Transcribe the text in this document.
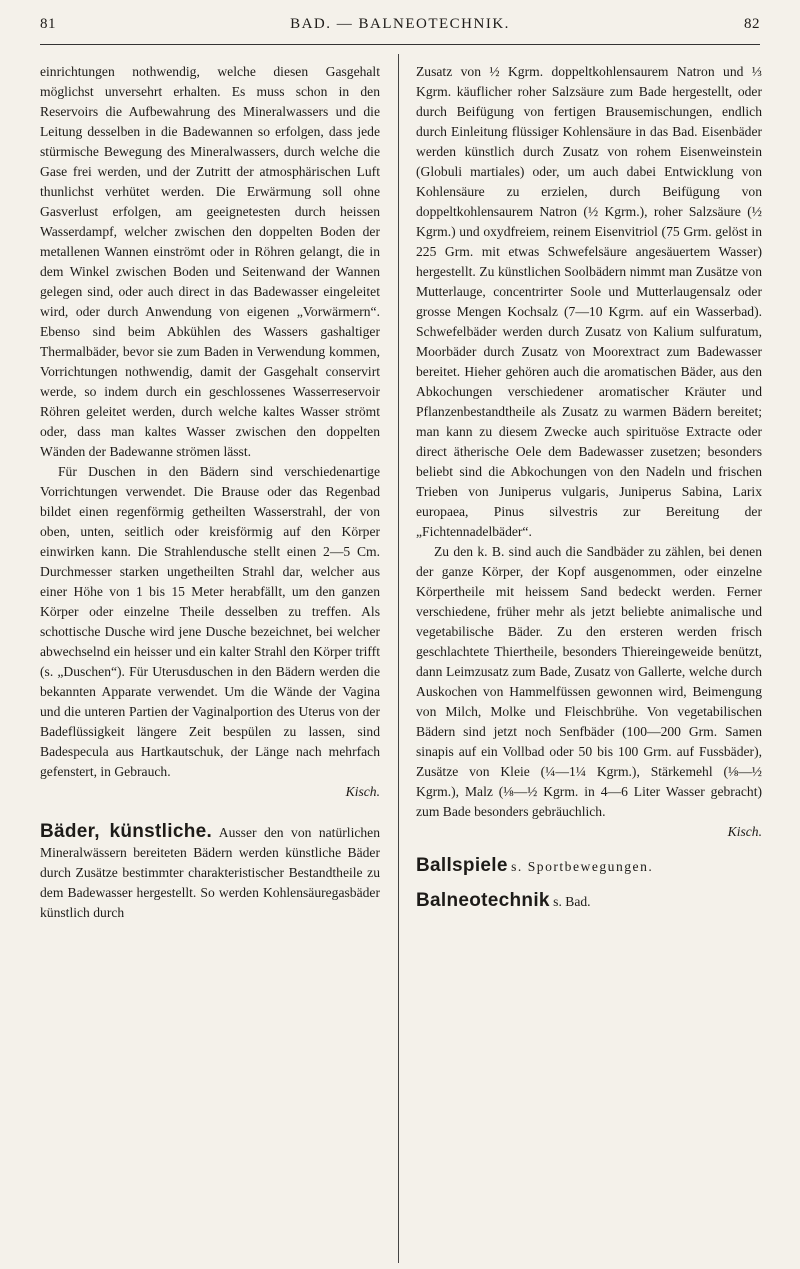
81	BAD. — BALNEOTECHNIK.	82

einrichtungen nothwendig, welche diesen Gasgehalt möglichst unversehrt erhalten. Es muss schon in den Reservoirs die Aufbewahrung des Mineralwassers und die Leitung desselben in die Badewannen so erfolgen, dass jede stürmische Bewegung des Mineralwassers, durch welche die Gase frei werden, und der Zutritt der atmosphärischen Luft thunlichst verhütet werden. Die Erwärmung soll ohne Gasverlust erfolgen, am geeignetesten durch heissen Wasserdampf, welcher zwischen den doppelten Boden der metallenen Wannen einströmt oder in Röhren gelangt, die in dem Winkel zwischen Boden und Seitenwand der Wannen gelegen sind, oder auch direct in das Badewasser eingeleitet wird, oder durch Anwendung von eigenen „Vorwärmern“. Ebenso sind beim Abkühlen des Wassers gashaltiger Thermalbäder, bevor sie zum Baden in Verwendung kommen, Vorrichtungen nothwendig, damit der Gasgehalt conservirt werde, so indem durch ein geschlossenes Wasserreservoir Röhren geleitet werden, durch welche kaltes Wasser strömt oder, dass man kaltes Wasser zwischen den doppelten Wänden der Badewanne strömen lässt.

Für Duschen in den Bädern sind verschiedenartige Vorrichtungen verwendet. Die Brause oder das Regenbad bildet einen regenförmig getheilten Wasserstrahl, der von oben, unten, seitlich oder kreisförmig auf den Körper einwirken kann. Die Strahlendusche stellt einen 2—5 Cm. Durchmesser starken ungetheilten Strahl dar, welcher aus einer Höhe von 1 bis 15 Meter herabfällt, um den ganzen Körper oder einzelne Theile desselben zu treffen. Als schottische Dusche wird jene Dusche bezeichnet, bei welcher abwechselnd ein heisser und ein kalter Strahl den Körper trifft (s. „Duschen“). Für Uterusduschen in den Bädern werden die bekannten Apparate verwendet. Um die Wände der Vagina und die unteren Partien der Vaginalportion des Uterus von der Badeflüssigkeit längere Zeit bespülen zu lassen, sind Badespecula aus Hartkautschuk, der Länge nach mehrfach gefenstert, in Gebrauch.

Kisch.

Bäder, künstliche. Ausser den von natürlichen Mineralwässern bereiteten Bädern werden künstliche Bäder durch Zusätze bestimmter charakteristischer Bestandtheile zu dem Badewasser hergestellt. So werden Kohlensäuregasbäder künstlich durch

Zusatz von ½ Kgrm. doppeltkohlensaurem Natron und ⅓ Kgrm. käuflicher roher Salzsäure zum Bade hergestellt, oder durch Beifügung von fertigen Brausemischungen, endlich durch Einleitung flüssiger Kohlensäure in das Bad. Eisenbäder werden künstlich durch Zusatz von rohem Eisenweinstein (Globuli martiales) oder, um auch dabei Entwicklung von Kohlensäure zu erzielen, durch Beifügung von doppeltkohlensaurem Natron (½ Kgrm.), roher Salzsäure (½ Kgrm.) und oxydfreiem, reinem Eisenvitriol (75 Grm. gelöst in 225 Grm. mit etwas Schwefelsäure angesäuertem Wasser) hergestellt. Zu künstlichen Soolbädern nimmt man Zusätze von Mutterlauge, concentrirter Soole und Mutterlaugensalz oder grosse Mengen Kochsalz (7—10 Kgrm. auf ein Wasserbad). Schwefelbäder werden durch Zusatz von Kalium sulfuratum, Moorbäder durch Zusatz von Moorextract zum Badewasser bereitet. Hieher gehören auch die aromatischen Bäder, aus den Abkochungen verschiedener aromatischer Kräuter und Pflanzenbestandtheile als Zusatz zu warmen Bädern bereitet; man kann zu diesem Zwecke auch spirituöse Extracte oder direct ätherische Oele dem Badewasser zusetzen; besonders beliebt sind die Abkochungen von den Nadeln und frischen Trieben von Juniperus vulgaris, Juniperus Sabina, Larix europaea, Pinus silvestris zur Bereitung der „Fichtennadelbäder“.

Zu den k. B. sind auch die Sandbäder zu zählen, bei denen der ganze Körper, der Kopf ausgenommen, oder einzelne Körpertheile mit heissem Sand bedeckt werden. Ferner verschiedene, früher mehr als jetzt beliebte animalische und vegetabilische Bäder. Zu den ersteren werden frisch geschlachtete Thiertheile, besonders Thiereingeweide benützt, dann Leimzusatz zum Bade, Zusatz von Gallerte, welche durch Auskochen von Hammelfüssen gewonnen wird, Beimengung von Milch, Molke und Fleischbrühe. Von vegetabilischen Bädern sind jetzt noch Senfbäder (100—200 Grm. Samen sinapis auf ein Vollbad oder 50 bis 100 Grm. auf Fussbäder), Zusätze von Kleie (¼—1¼ Kgrm.), Stärkemehl (⅛—½ Kgrm.), Malz (⅛—½ Kgrm. in 4—6 Liter Wasser gebracht) zum Bade besonders gebräuchlich.

Kisch.

Ballspiele s. Sportbewegungen.

Balneotechnik s. Bad.
